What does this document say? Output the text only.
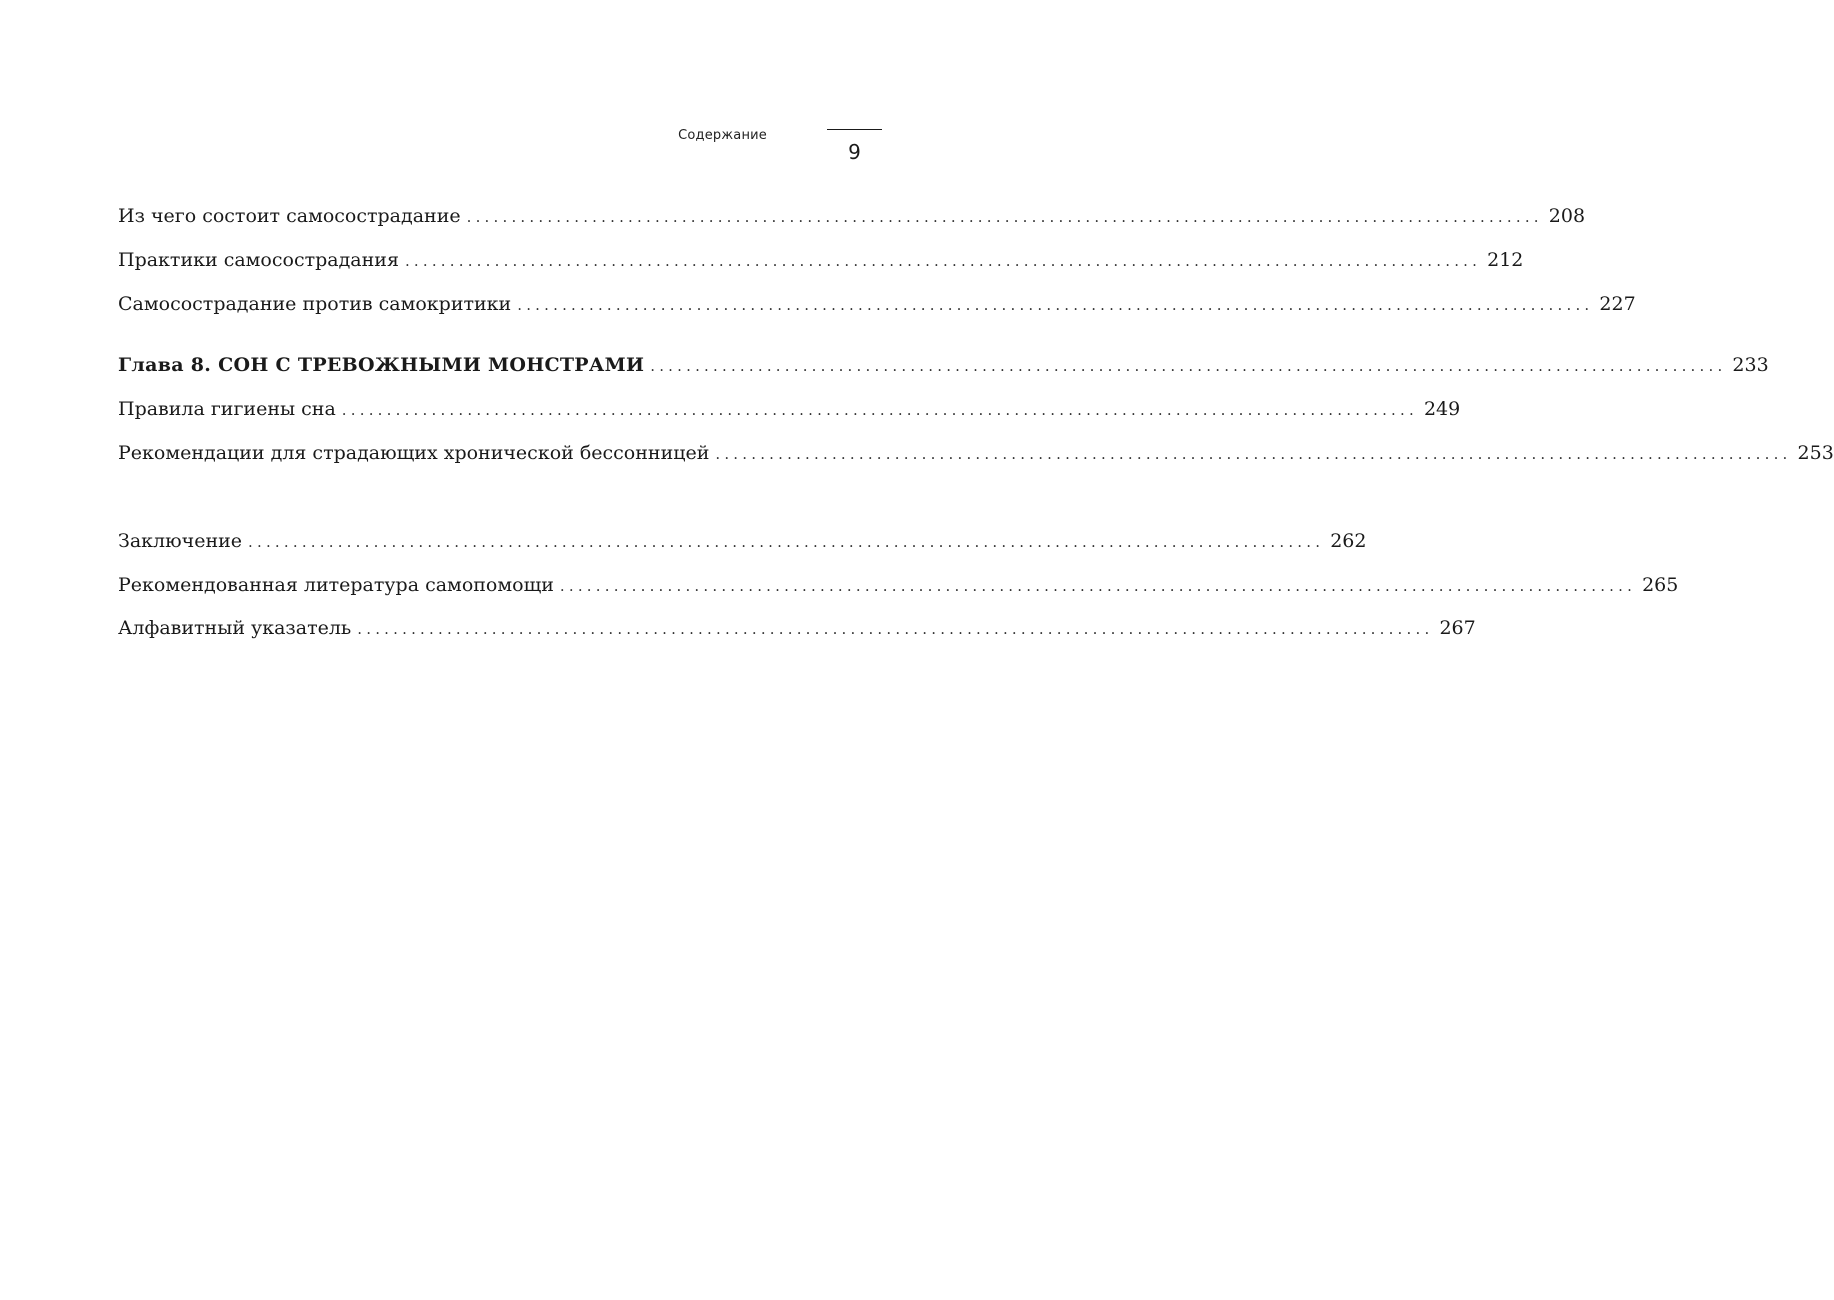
Содержание
9
Из чего состоит самосострадание ........................................................................................................................ 208
Практики самосострадания ........................................................................................................................ 212
Самосострадание против самокритики ........................................................................................................................ 227
Глава 8. СОН С ТРЕВОЖНЫМИ МОНСТРАМИ ........................................................................................................................ 233
Правила гигиены сна ........................................................................................................................ 249
Рекомендации для страдающих хронической бессонницей ........................................................................................................................ 253
Заключение ........................................................................................................................ 262
Рекомендованная литература самопомощи ........................................................................................................................ 265
Алфавитный указатель ........................................................................................................................ 267
